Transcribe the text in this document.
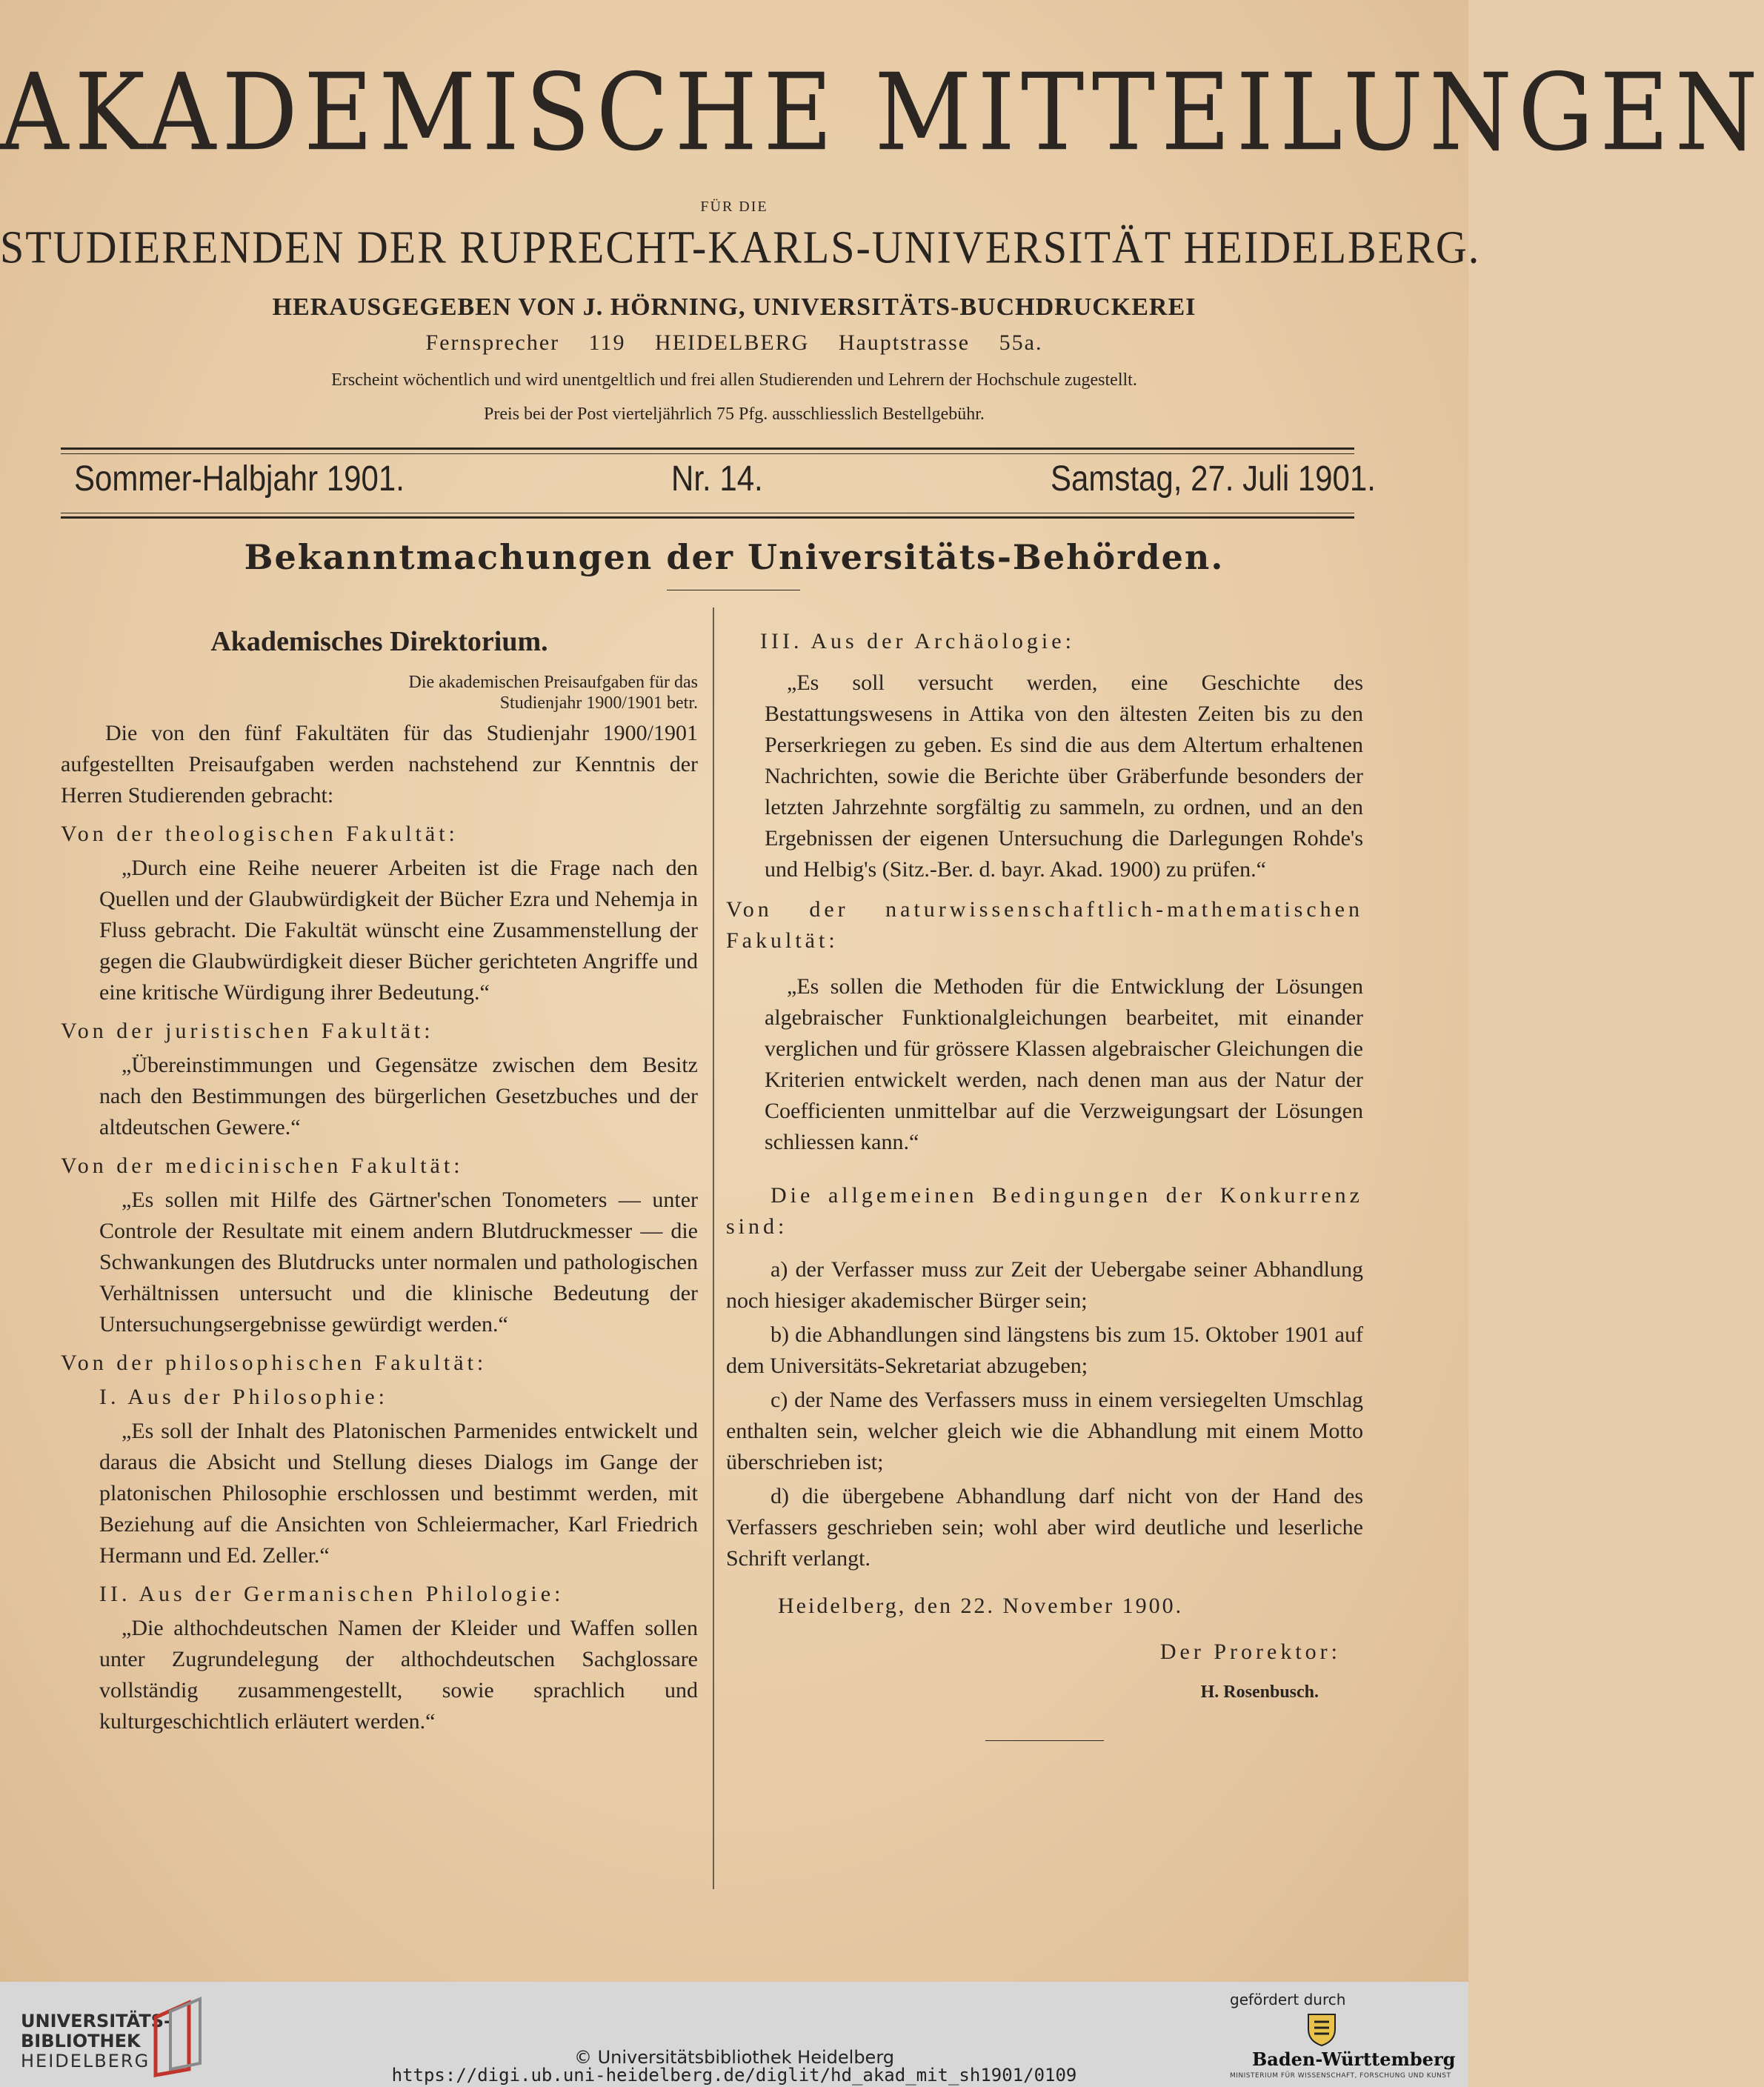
AKADEMISCHE MITTEILUNGEN
FÜR DIE
STUDIERENDEN DER RUPRECHT-KARLS-UNIVERSITÄT HEIDELBERG.
HERAUSGEGEBEN VON J. HÖRNING, UNIVERSITÄTS-BUCHDRUCKEREI
Fernsprecher 119 HEIDELBERG Hauptstrasse 55a.
Erscheint wöchentlich und wird unentgeltlich und frei allen Studierenden und Lehrern der Hochschule zugestellt.
Preis bei der Post vierteljährlich 75 Pfg. ausschliesslich Bestellgebühr.
Sommer-Halbjahr 1901.	Nr. 14.	Samstag, 27. Juli 1901.
Bekanntmachungen der Universitäts-Behörden.

Akademisches Direktorium.

Die akademischen Preisaufgaben für das Studienjahr 1900/1901 betr.

Die von den fünf Fakultäten für das Studienjahr 1900/1901 aufgestellten Preisaufgaben werden nachstehend zur Kenntnis der Herren Studierenden gebracht:

Von der theologischen Fakultät:

„Durch eine Reihe neuerer Arbeiten ist die Frage nach den Quellen und der Glaubwürdigkeit der Bücher Ezra und Nehemja in Fluss gebracht. Die Fakultät wünscht eine Zusammenstellung der gegen die Glaubwürdigkeit dieser Bücher gerichteten Angriffe und eine kritische Würdigung ihrer Bedeutung.“

Von der juristischen Fakultät:

„Übereinstimmungen und Gegensätze zwischen dem Besitz nach den Bestimmungen des bürgerlichen Gesetzbuches und der altdeutschen Gewere.“

Von der medicinischen Fakultät:

„Es sollen mit Hilfe des Gärtner'schen Tonometers — unter Controle der Resultate mit einem andern Blutdruckmesser — die Schwankungen des Blutdrucks unter normalen und pathologischen Verhältnissen untersucht und die klinische Bedeutung der Untersuchungsergebnisse gewürdigt werden.“

Von der philosophischen Fakultät:

I. Aus der Philosophie:

„Es soll der Inhalt des Platonischen Parmenides entwickelt und daraus die Absicht und Stellung dieses Dialogs im Gange der platonischen Philosophie erschlossen und bestimmt werden, mit Beziehung auf die Ansichten von Schleiermacher, Karl Friedrich Hermann und Ed. Zeller.“

II. Aus der Germanischen Philologie:

„Die althochdeutschen Namen der Kleider und Waffen sollen unter Zugrundelegung der althochdeutschen Sachglossare vollständig zusammengestellt, sowie sprachlich und kulturgeschichtlich erläutert werden.“

III. Aus der Archäologie:

„Es soll versucht werden, eine Geschichte des Bestattungswesens in Attika von den ältesten Zeiten bis zu den Perserkriegen zu geben. Es sind die aus dem Altertum erhaltenen Nachrichten, sowie die Berichte über Gräberfunde besonders der letzten Jahrzehnte sorgfältig zu sammeln, zu ordnen, und an den Ergebnissen der eigenen Untersuchung die Darlegungen Rohde's und Helbig's (Sitz.-Ber. d. bayr. Akad. 1900) zu prüfen.“

Von der naturwissenschaftlich-mathematischen Fakultät:

„Es sollen die Methoden für die Entwicklung der Lösungen algebraischer Funktionalgleichungen bearbeitet, mit einander verglichen und für grössere Klassen algebraischer Gleichungen die Kriterien entwickelt werden, nach denen man aus der Natur der Coefficienten unmittelbar auf die Verzweigungsart der Lösungen schliessen kann.“

Die allgemeinen Bedingungen der Konkurrenz sind:

a) der Verfasser muss zur Zeit der Uebergabe seiner Abhandlung noch hiesiger akademischer Bürger sein;

b) die Abhandlungen sind längstens bis zum 15. Oktober 1901 auf dem Universitäts-Sekretariat abzugeben;

c) der Name des Verfassers muss in einem versiegelten Umschlag enthalten sein, welcher gleich wie die Abhandlung mit einem Motto überschrieben ist;

d) die übergebene Abhandlung darf nicht von der Hand des Verfassers geschrieben sein; wohl aber wird deutliche und leserliche Schrift verlangt.

Heidelberg, den 22. November 1900.

Der Prorektor:

H. Rosenbusch.

UNIVERSITÄTS-
BIBLIOTHEK
HEIDELBERG	© Universitätsbibliothek Heidelberg
https://digi.ub.uni-heidelberg.de/diglit/hd_akad_mit_sh1901/0109
gefördert durch
Baden-Württemberg
MINISTERIUM FÜR WISSENSCHAFT, FORSCHUNG UND KUNST
